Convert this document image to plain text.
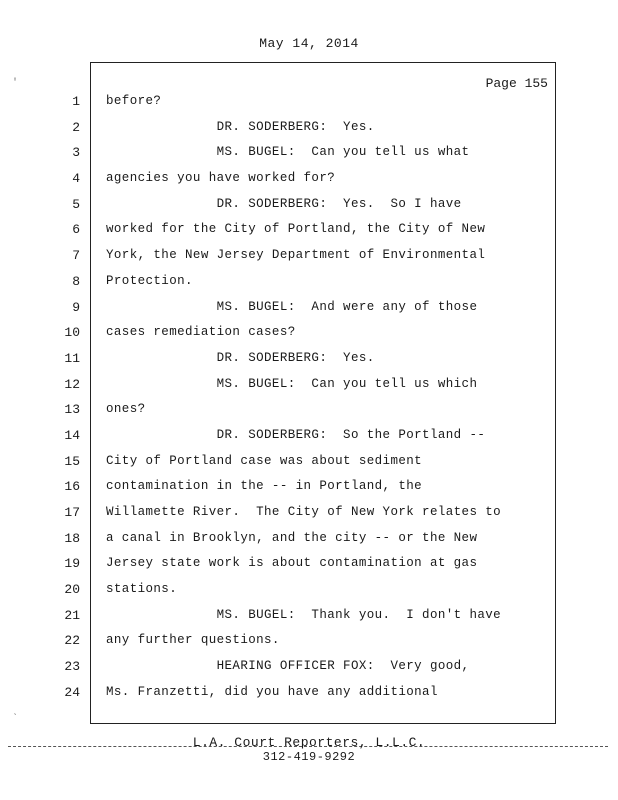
May 14, 2014
Page 155
1 before?
2 DR. SODERBERG:  Yes.
3 MS. BUGEL:  Can you tell us what
4 agencies you have worked for?
5 DR. SODERBERG:  Yes.  So I have
6 worked for the City of Portland, the City of New
7 York, the New Jersey Department of Environmental
8 Protection.
9 MS. BUGEL:  And were any of those
10 cases remediation cases?
11 DR. SODERBERG:  Yes.
12 MS. BUGEL:  Can you tell us which
13 ones?
14 DR. SODERBERG:  So the Portland --
15 City of Portland case was about sediment
16 contamination in the -- in Portland, the
17 Willamette River.  The City of New York relates to
18 a canal in Brooklyn, and the city -- or the New
19 Jersey state work is about contamination at gas
20 stations.
21 MS. BUGEL:  Thank you.  I don't have
22 any further questions.
23 HEARING OFFICER FOX:  Very good,
24 Ms. Franzetti, did you have any additional
L.A. Court Reporters, L.L.C.
312-419-9292
′
ˎ
